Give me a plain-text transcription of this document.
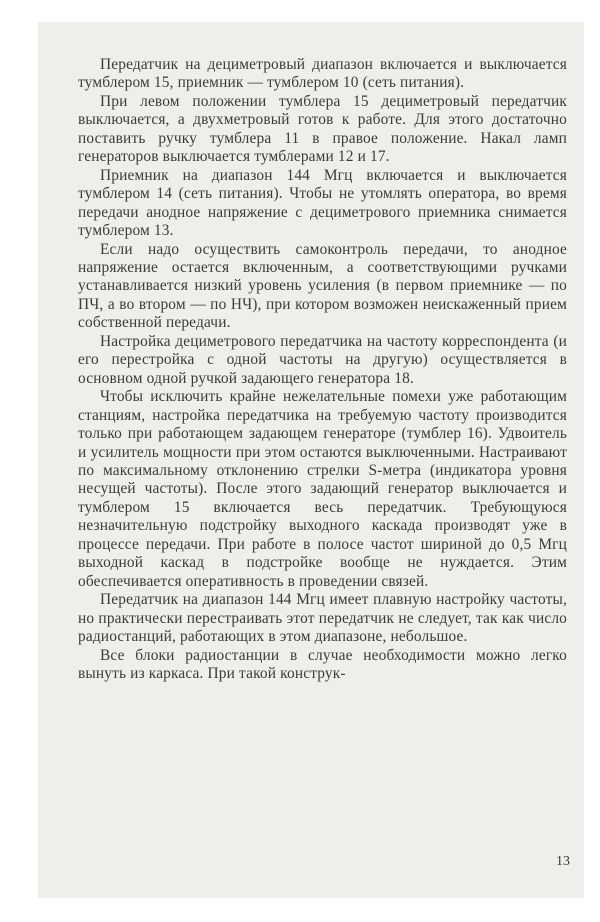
Передатчик на дециметровый диапазон включается и выключается тумблером 15, приемник — тумблером 10 (сеть питания).

При левом положении тумблера 15 дециметровый передатчик выключается, а двухметровый готов к работе. Для этого достаточно поставить ручку тумблера 11 в правое положение. Накал ламп генераторов выключается тумблерами 12 и 17.

Приемник на диапазон 144 Мгц включается и выключается тумблером 14 (сеть питания). Чтобы не утомлять оператора, во время передачи анодное напряжение с дециметрового приемника снимается тумблером 13.

Если надо осуществить самоконтроль передачи, то анодное напряжение остается включенным, а соответствующими ручками устанавливается низкий уровень усиления (в первом приемнике — по ПЧ, а во втором — по НЧ), при котором возможен неискаженный прием собственной передачи.

Настройка дециметрового передатчика на частоту корреспондента (и его перестройка с одной частоты на другую) осуществляется в основном одной ручкой задающего генератора 18.

Чтобы исключить крайне нежелательные помехи уже работающим станциям, настройка передатчика на требуемую частоту производится только при работающем задающем генераторе (тумблер 16). Удвоитель и усилитель мощности при этом остаются выключенными. Настраивают по максимальному отклонению стрелки S-метра (индикатора уровня несущей частоты). После этого задающий генератор выключается и тумблером 15 включается весь передатчик. Требующуюся незначительную подстройку выходного каскада производят уже в процессе передачи. При работе в полосе частот шириной до 0,5 Мгц выходной каскад в подстройке вообще не нуждается. Этим обеспечивается оперативность в проведении связей.

Передатчик на диапазон 144 Мгц имеет плавную настройку частоты, но практически перестраивать этот передатчик не следует, так как число радиостанций, работающих в этом диапазоне, небольшое.

Все блоки радиостанции в случае необходимости можно легко вынуть из каркаса. При такой конструк-

13
